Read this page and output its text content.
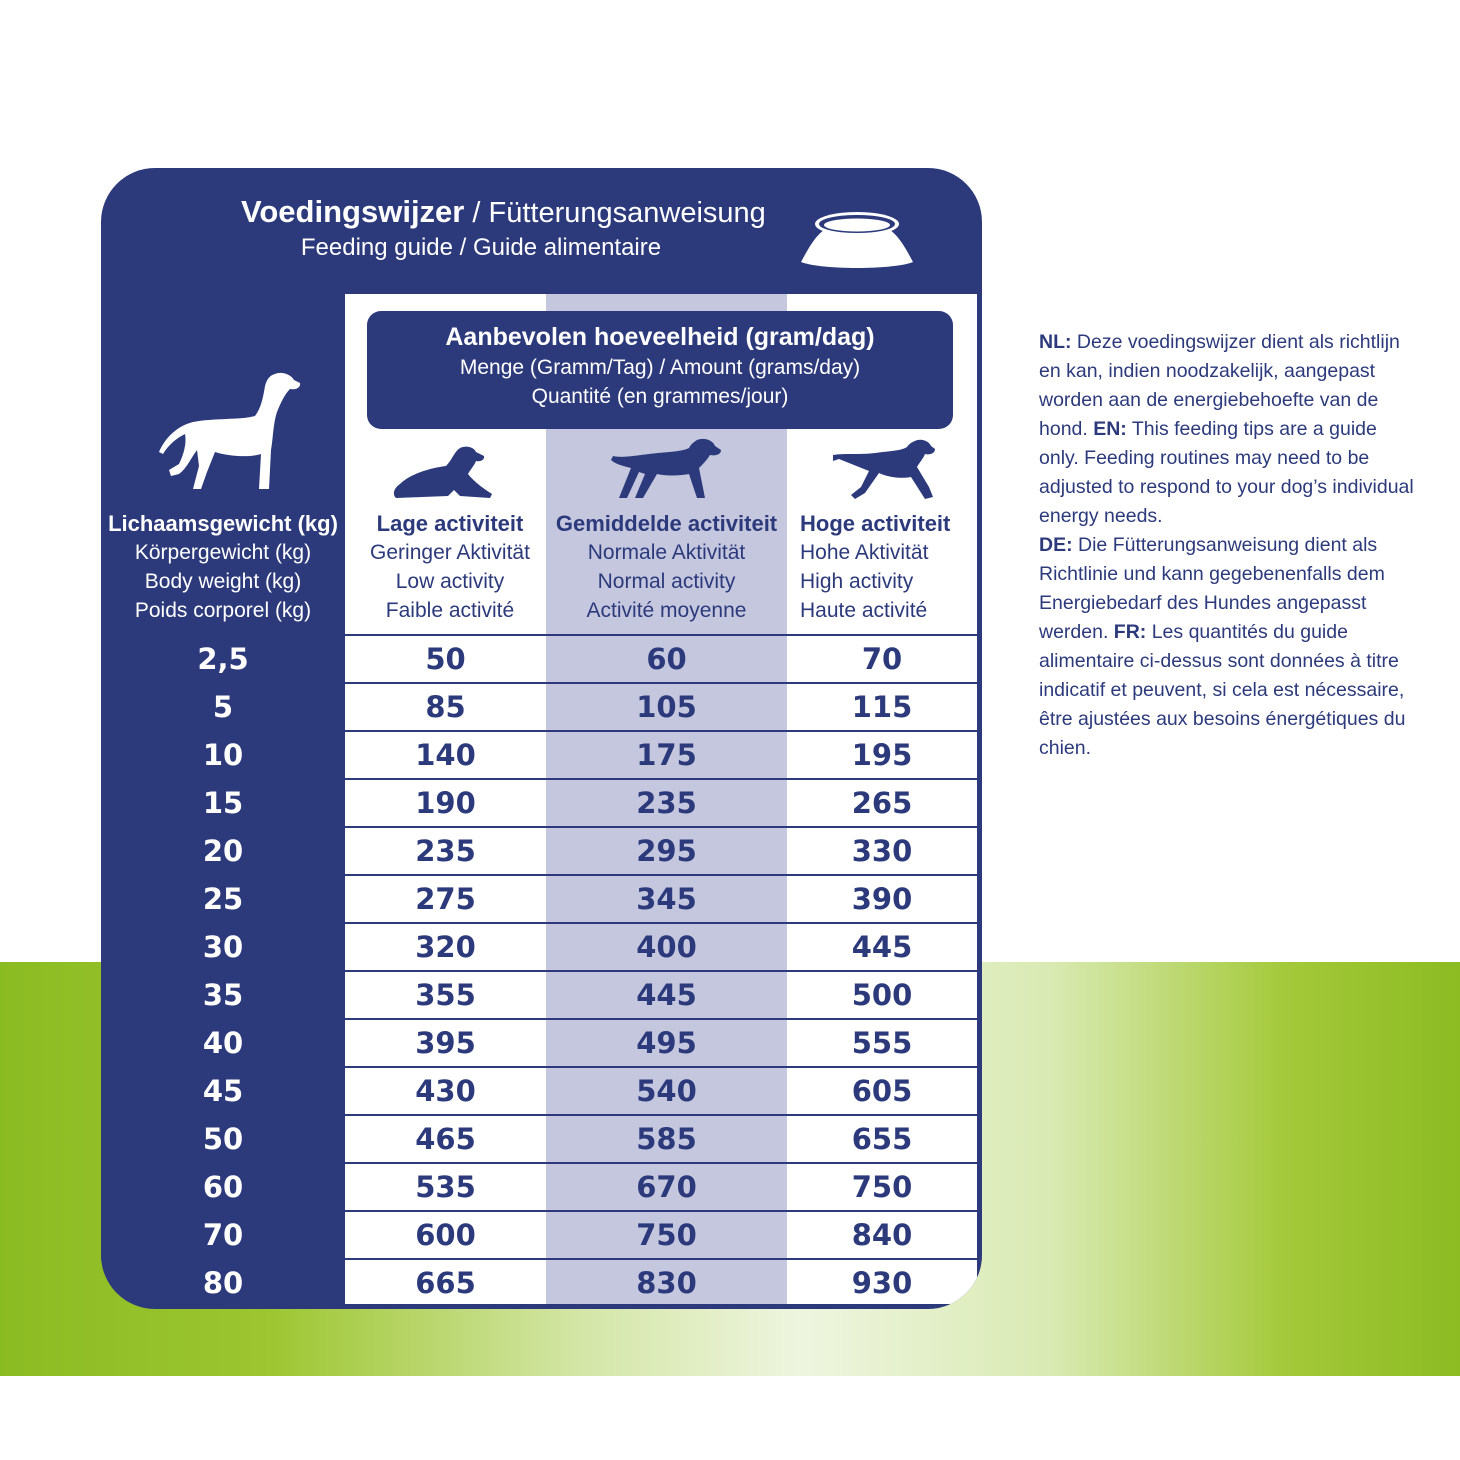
Voedingswijzer / Fütterungsanweisung
Feeding guide / Guide alimentaire
Lichaamsgewicht (kg)
Körpergewicht (kg)
Body weight (kg)
Poids corporel (kg)
Aanbevolen hoeveelheid (gram/dag)
Menge (Gramm/Tag) / Amount (grams/day)
Quantité (en grammes/jour)
Lage activiteit
Geringer Aktivität
Low activity
Faible activité
Gemiddelde activiteit
Normale Aktivität
Normal activity
Activité moyenne
Hoge activiteit
Hohe Aktivität
High activity
Haute activité
2,5	50	60	70
5	85	105	115
10	140	175	195
15	190	235	265
20	235	295	330
25	275	345	390
30	320	400	445
35	355	445	500
40	395	495	555
45	430	540	605
50	465	585	655
60	535	670	750
70	600	750	840
80	665	830	930

NL: Deze voedingswijzer dient als richtlijn en kan, indien noodzakelijk, aangepast worden aan de energiebehoefte van de hond. EN: This feeding tips are a guide only. Feeding routines may need to be adjusted to respond to your dog’s individual energy needs.

DE: Die Fütterungsanweisung dient als Richtlinie und kann gegebenenfalls dem Energiebedarf des Hundes angepasst werden. FR: Les quantités du guide alimentaire ci-dessus sont données à titre indicatif et peuvent, si cela est nécessaire, être ajustées aux besoins énergétiques du chien.
